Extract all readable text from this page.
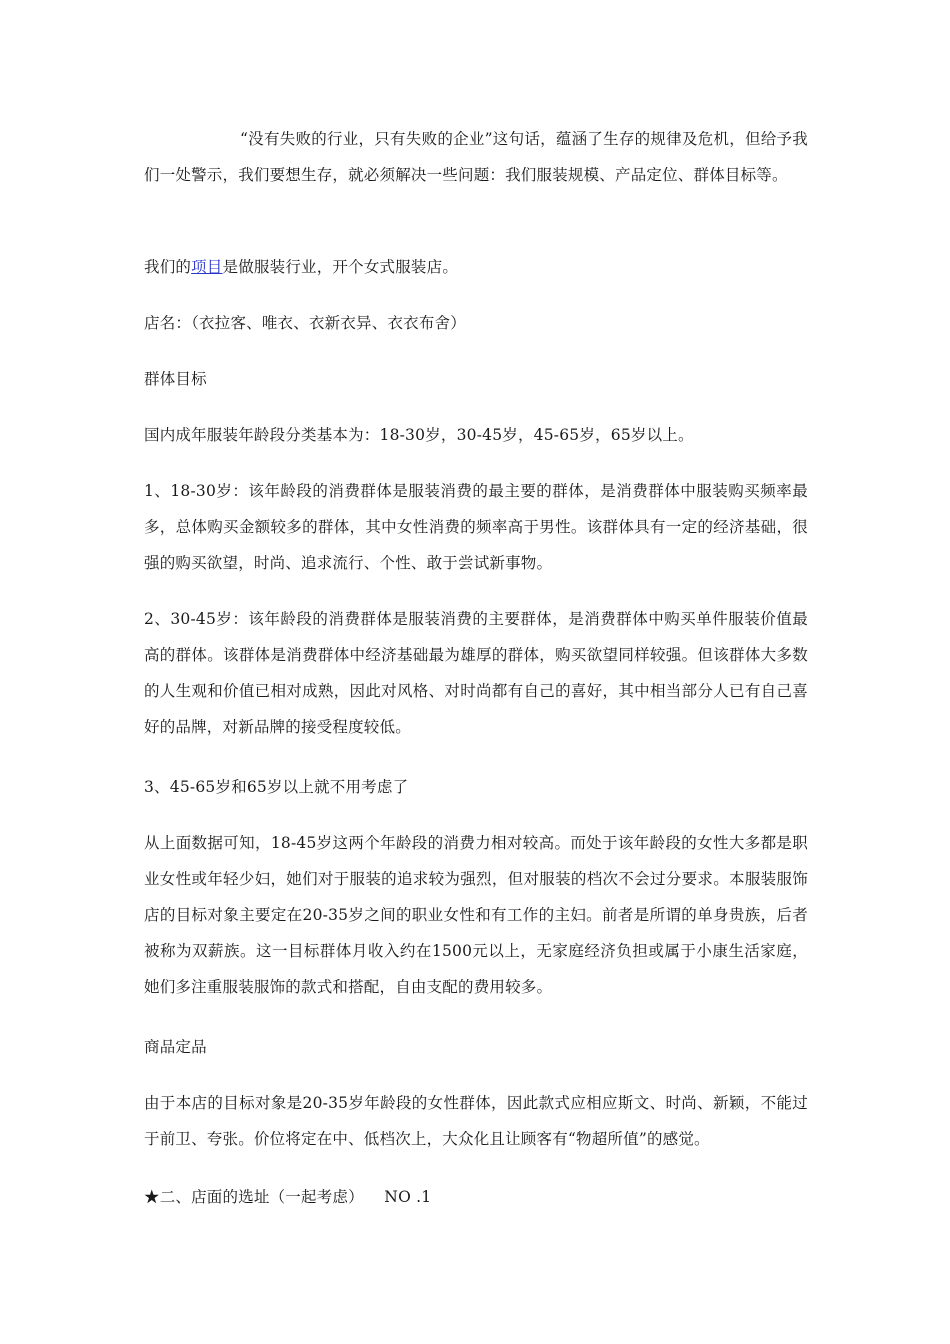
“没有失败的行业，只有失败的企业”这句话，蕴涵了生存的规律及危机，但给予我们一处警示，我们要想生存，就必须解决一些问题：我们服装规模、产品定位、群体目标等。

我们的项目是做服装行业，开个女式服装店。

店名：（衣拉客、唯衣、衣新衣异、衣衣布舍）

群体目标

国内成年服装年龄段分类基本为：18-30岁，30-45岁，45-65岁，65岁以上。

1、18-30岁：该年龄段的消费群体是服装消费的最主要的群体，是消费群体中服装购买频率最多，总体购买金额较多的群体，其中女性消费的频率高于男性。该群体具有一定的经济基础，很强的购买欲望，时尚、追求流行、个性、敢于尝试新事物。

2、30-45岁：该年龄段的消费群体是服装消费的主要群体，是消费群体中购买单件服装价值最高的群体。该群体是消费群体中经济基础最为雄厚的群体，购买欲望同样较强。但该群体大多数的人生观和价值已相对成熟，因此对风格、对时尚都有自己的喜好，其中相当部分人已有自己喜好的品牌，对新品牌的接受程度较低。

3、45-65岁和65岁以上就不用考虑了

从上面数据可知，18-45岁这两个年龄段的消费力相对较高。而处于该年龄段的女性大多都是职业女性或年轻少妇，她们对于服装的追求较为强烈，但对服装的档次不会过分要求。本服装服饰店的目标对象主要定在20-35岁之间的职业女性和有工作的主妇。前者是所谓的单身贵族，后者被称为双薪族。这一目标群体月收入约在1500元以上，无家庭经济负担或属于小康生活家庭，她们多注重服装服饰的款式和搭配，自由支配的费用较多。

商品定品

由于本店的目标对象是20-35岁年龄段的女性群体，因此款式应相应斯文、时尚、新颖，不能过于前卫、夸张。价位将定在中、低档次上，大众化且让顾客有“物超所值”的感觉。

★二、店面的选址（一起考虑）    NO .1
